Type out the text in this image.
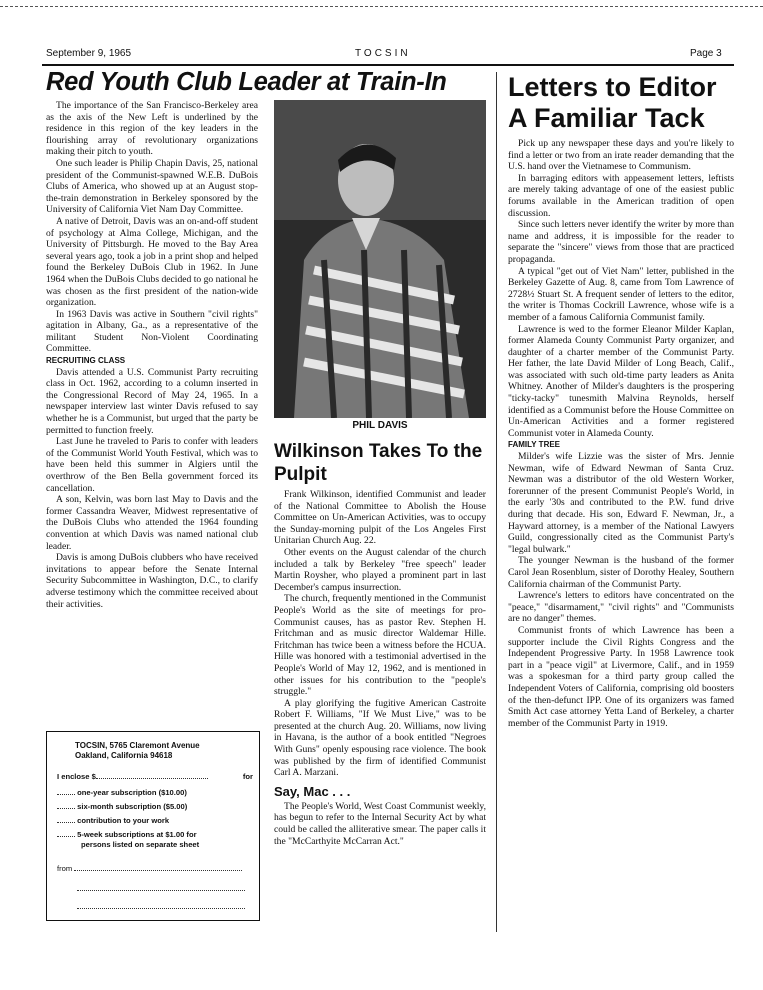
September 9, 1965	TOCSIN	Page 3
Red Youth Club Leader at Train-In

The importance of the San Francisco-Berkeley area as the axis of the New Left is underlined by the residence in this region of the key leaders in the flourishing array of revolutionary organizations making their pitch to youth.

One such leader is Philip Chapin Davis, 25, national president of the Communist-spawned W.E.B. DuBois Clubs of America, who showed up at an August stop-the-train demonstration in Berkeley sponsored by the University of California Viet Nam Day Committee.

A native of Detroit, Davis was an on-and-off student of psychology at Alma College, Michigan, and the University of Pittsburgh. He moved to the Bay Area several years ago, took a job in a print shop and helped found the Berkeley DuBois Club in 1962. In June 1964 when the DuBois Clubs decided to go national he was chosen as the first president of the nation-wide organization.

In 1963 Davis was active in Southern "civil rights" agitation in Albany, Ga., as a representative of the militant Student Non-Violent Coordinating Committee.

RECRUITING CLASS

Davis attended a U.S. Communist Party recruiting class in Oct. 1962, according to a column inserted in the Congressional Record of May 24, 1965. In a newspaper interview last winter Davis refused to say whether he is a Communist, but urged that the party be permitted to function freely.

Last June he traveled to Paris to confer with leaders of the Communist World Youth Festival, which was to have been held this summer in Algiers until the overthrow of the Ben Bella government forced its cancellation.

A son, Kelvin, was born last May to Davis and the former Cassandra Weaver, Midwest representative of the DuBois Clubs who attended the 1964 founding convention at which Davis was named national club leader.

Davis is among DuBois clubbers who have received invitations to appear before the Senate Internal Security Subcommittee in Washington, D.C., to clarify adverse testimony which the committee received about their activities.

TOCSIN, 5765 Claremont Avenue
Oakland, California 94618
I enclose $	for
one-year subscription ($10.00)
six-month subscription ($5.00)
contribution to your work
5-week subscriptions at $1.00 for
persons listed on separate sheet
from
PHIL DAVIS
Wilkinson Takes To the Pulpit

Frank Wilkinson, identified Communist and leader of the National Committee to Abolish the House Committee on Un-American Activities, was to occupy the Sunday-morning pulpit of the Los Angeles First Unitarian Church Aug. 22.

Other events on the August calendar of the church included a talk by Berkeley "free speech" leader Martin Roysher, who played a prominent part in last December's campus insurrection.

The church, frequently mentioned in the Communist People's World as the site of meetings for pro-Communist causes, has as pastor Rev. Stephen H. Fritchman and as music director Waldemar Hille. Fritchman has twice been a witness before the HCUA. Hille was honored with a testimonial advertised in the People's World of May 12, 1962, and is mentioned in other issues for his contribution to the "people's struggle."

A play glorifying the fugitive American Castroite Robert F. Williams, "If We Must Live," was to be presented at the church Aug. 20. Williams, now living in Havana, is the author of a book entitled "Negroes With Guns" openly espousing race violence. The book was published by the firm of identified Communist Carl A. Marzani.

Say, Mac . . .

The People's World, West Coast Communist weekly, has begun to refer to the Internal Security Act by what could be called the alliterative smear. The paper calls it the "McCarthyite McCarran Act."

Letters to Editor A Familiar Tack

Pick up any newspaper these days and you're likely to find a letter or two from an irate reader demanding that the U.S. hand over the Vietnamese to Communism.

In barraging editors with appeasement letters, leftists are merely taking advantage of one of the easiest public forums available in the American tradition of open discussion.

Since such letters never identify the writer by more than name and address, it is impossible for the reader to separate the "sincere" views from those that are practiced propaganda.

A typical "get out of Viet Nam" letter, published in the Berkeley Gazette of Aug. 8, came from Tom Lawrence of 2728½ Stuart St. A frequent sender of letters to the editor, the writer is Thomas Cockrill Lawrence, whose wife is a member of a famous California Communist family.

Lawrence is wed to the former Eleanor Milder Kaplan, former Alameda County Communist Party organizer, and daughter of a charter member of the Communist Party. Her father, the late David Milder of Long Beach, Calif., was associated with such old-time party leaders as Anita Whitney. Another of Milder's daughters is the prospering "ticky-tacky" tunesmith Malvina Reynolds, herself identified as a Communist before the House Committee on Un-American Activities and a former registered Communist voter in Alameda County.

FAMILY TREE

Milder's wife Lizzie was the sister of Mrs. Jennie Newman, wife of Edward Newman of Santa Cruz. Newman was a distributor of the old Western Worker, forerunner of the present Communist People's World, in the early '30s and contributed to the P.W. fund drive during that decade. His son, Edward F. Newman, Jr., a Hayward attorney, is a member of the National Lawyers Guild, congressionally cited as the Communist Party's "legal bulwark."

The younger Newman is the husband of the former Carol Jean Rosenblum, sister of Dorothy Healey, Southern California chairman of the Communist Party.

Lawrence's letters to editors have concentrated on the "peace," "disarmament," "civil rights" and "Communists are no danger" themes.

Communist fronts of which Lawrence has been a supporter include the Civil Rights Congress and the Independent Progressive Party. In 1958 Lawrence took part in a "peace vigil" at Livermore, Calif., and in 1959 was a spokesman for a third party group called the Independent Voters of California, comprising old boosters of the then-defunct IPP. One of its organizers was famed Smith Act case attorney Yetta Land of Berkeley, a charter member of the Communist Party in 1919.
